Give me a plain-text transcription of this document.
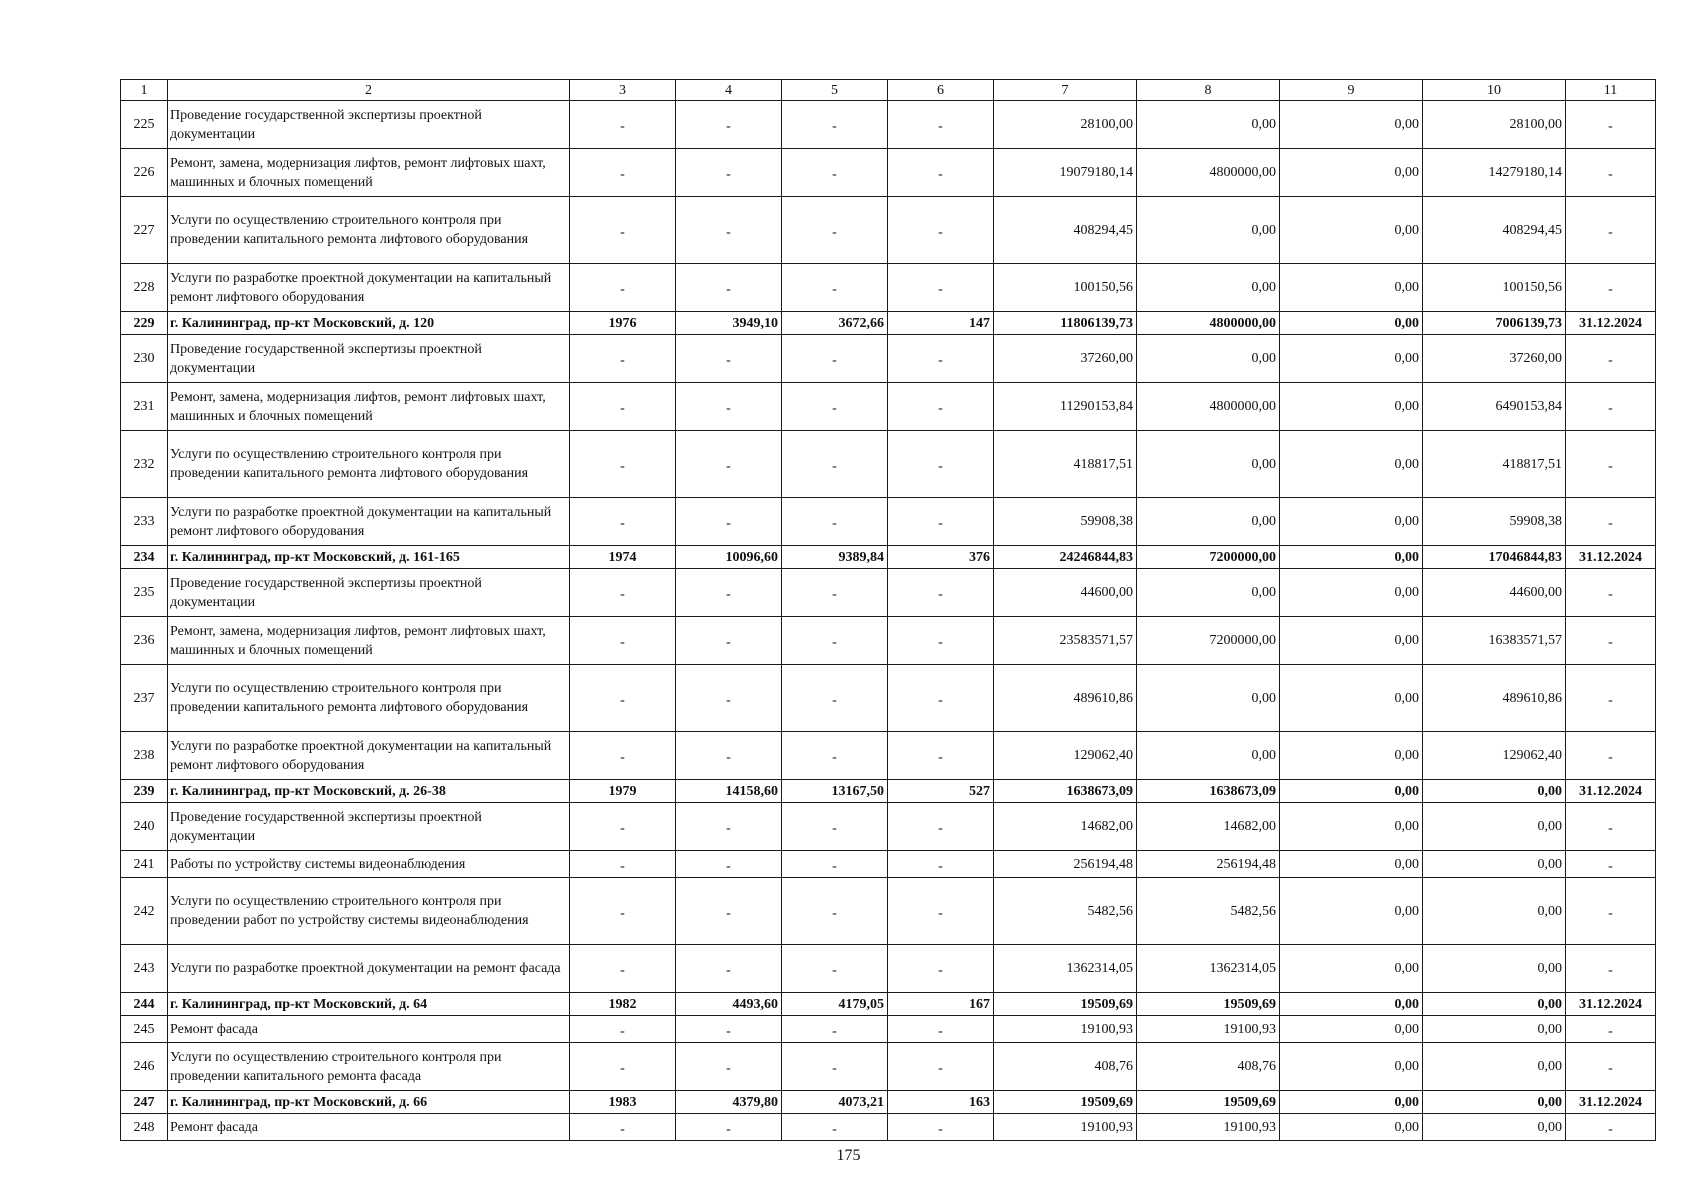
1	2	3	4	5	6	7	8	9	10	11
225	Проведение государственной экспертизы проектной документации	-	-	-	-	28100,00	0,00	0,00	28100,00	-
226	Ремонт, замена, модернизация лифтов, ремонт лифтовых шахт, машинных и блочных помещений	-	-	-	-	19079180,14	4800000,00	0,00	14279180,14	-
227	Услуги по осуществлению строительного контроля при проведении капитального ремонта лифтового оборудования	-	-	-	-	408294,45	0,00	0,00	408294,45	-
228	Услуги по разработке проектной документации на капитальный ремонт лифтового оборудования	-	-	-	-	100150,56	0,00	0,00	100150,56	-
229	г. Калининград, пр-кт Московский, д. 120	1976	3949,10	3672,66	147	11806139,73	4800000,00	0,00	7006139,73	31.12.2024
230	Проведение государственной экспертизы проектной документации	-	-	-	-	37260,00	0,00	0,00	37260,00	-
231	Ремонт, замена, модернизация лифтов, ремонт лифтовых шахт, машинных и блочных помещений	-	-	-	-	11290153,84	4800000,00	0,00	6490153,84	-
232	Услуги по осуществлению строительного контроля при проведении капитального ремонта лифтового оборудования	-	-	-	-	418817,51	0,00	0,00	418817,51	-
233	Услуги по разработке проектной документации на капитальный ремонт лифтового оборудования	-	-	-	-	59908,38	0,00	0,00	59908,38	-
234	г. Калининград, пр-кт Московский, д. 161-165	1974	10096,60	9389,84	376	24246844,83	7200000,00	0,00	17046844,83	31.12.2024
235	Проведение государственной экспертизы проектной документации	-	-	-	-	44600,00	0,00	0,00	44600,00	-
236	Ремонт, замена, модернизация лифтов, ремонт лифтовых шахт, машинных и блочных помещений	-	-	-	-	23583571,57	7200000,00	0,00	16383571,57	-
237	Услуги по осуществлению строительного контроля при проведении капитального ремонта лифтового оборудования	-	-	-	-	489610,86	0,00	0,00	489610,86	-
238	Услуги по разработке проектной документации на капитальный ремонт лифтового оборудования	-	-	-	-	129062,40	0,00	0,00	129062,40	-
239	г. Калининград, пр-кт Московский, д. 26-38	1979	14158,60	13167,50	527	1638673,09	1638673,09	0,00	0,00	31.12.2024
240	Проведение государственной экспертизы проектной документации	-	-	-	-	14682,00	14682,00	0,00	0,00	-
241	Работы по устройству системы видеонаблюдения	-	-	-	-	256194,48	256194,48	0,00	0,00	-
242	Услуги по осуществлению строительного контроля при проведении работ по устройству системы видеонаблюдения	-	-	-	-	5482,56	5482,56	0,00	0,00	-
243	Услуги по разработке проектной документации на ремонт фасада	-	-	-	-	1362314,05	1362314,05	0,00	0,00	-
244	г. Калининград, пр-кт Московский, д. 64	1982	4493,60	4179,05	167	19509,69	19509,69	0,00	0,00	31.12.2024
245	Ремонт фасада	-	-	-	-	19100,93	19100,93	0,00	0,00	-
246	Услуги по осуществлению строительного контроля при проведении капитального ремонта фасада	-	-	-	-	408,76	408,76	0,00	0,00	-
247	г. Калининград, пр-кт Московский, д. 66	1983	4379,80	4073,21	163	19509,69	19509,69	0,00	0,00	31.12.2024
248	Ремонт фасада	-	-	-	-	19100,93	19100,93	0,00	0,00	-
175
